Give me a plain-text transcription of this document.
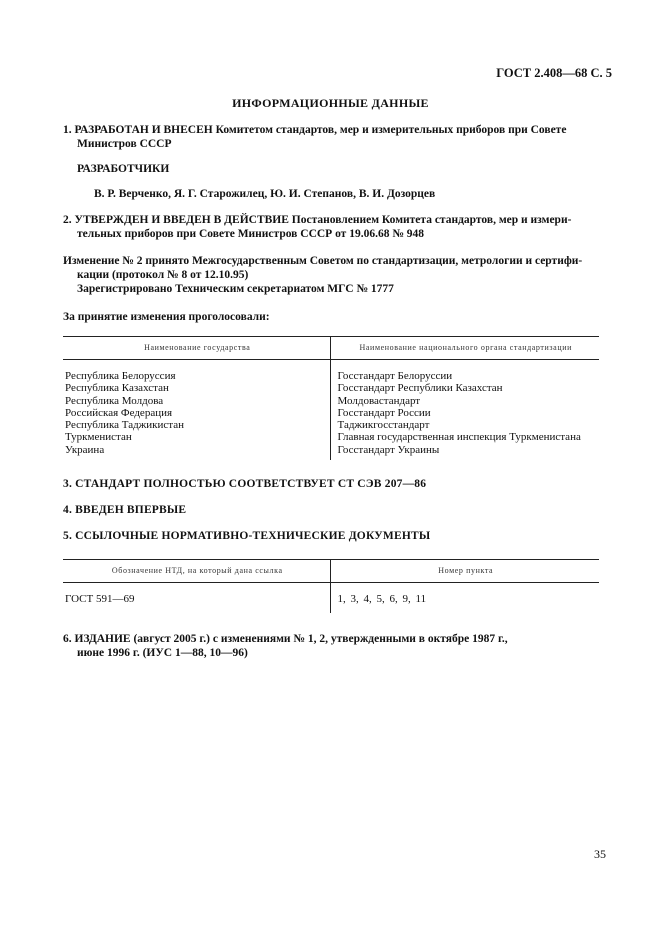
ГОСТ 2.408—68 С. 5
ИНФОРМАЦИОННЫЕ ДАННЫЕ
1. РАЗРАБОТАН И ВНЕСЕН Комитетом стандартов, мер и измерительных приборов при Совете
Министров СССР
РАЗРАБОТЧИКИ
В. Р. Верченко, Я. Г. Старожилец, Ю. И. Степанов, В. И. Дозорцев
2. УТВЕРЖДЕН И ВВЕДЕН В ДЕЙСТВИЕ Постановлением Комитета стандартов, мер и измери-
тельных приборов при Совете Министров СССР от 19.06.68 № 948
Изменение № 2 принято Межгосударственным Советом по стандартизации, метрологии и сертифи-
кации (протокол № 8 от 12.10.95)
Зарегистрировано Техническим секретариатом МГС № 1777
За принятие изменения проголосовали:
Наименование государства	Наименование национального органа стандартизации

Республика Белоруссия	Госстандарт Белоруссии
Республика Казахстан	Госстандарт Республики Казахстан
Республика Молдова	Молдовастандарт
Российская Федерация	Госстандарт России
Республика Таджикистан	Таджикгосстандарт
Туркменистан	Главная государственная инспекция Туркменистана
Украина	Госстандарт Украины

3. СТАНДАРТ ПОЛНОСТЬЮ СООТВЕТСТВУЕТ СТ СЭВ 207—86
4. ВВЕДЕН ВПЕРВЫЕ
5. ССЫЛОЧНЫЕ НОРМАТИВНО-ТЕХНИЧЕСКИЕ ДОКУМЕНТЫ
Обозначение НТД, на который дана ссылка	Номер пункта

ГОСТ 591—69	1, 3, 4, 5, 6, 9, 11
6. ИЗДАНИЕ (август 2005 г.) с изменениями № 1, 2, утвержденными в октябре 1987 г.,
июне 1996 г. (ИУС 1—88, 10—96)
35
